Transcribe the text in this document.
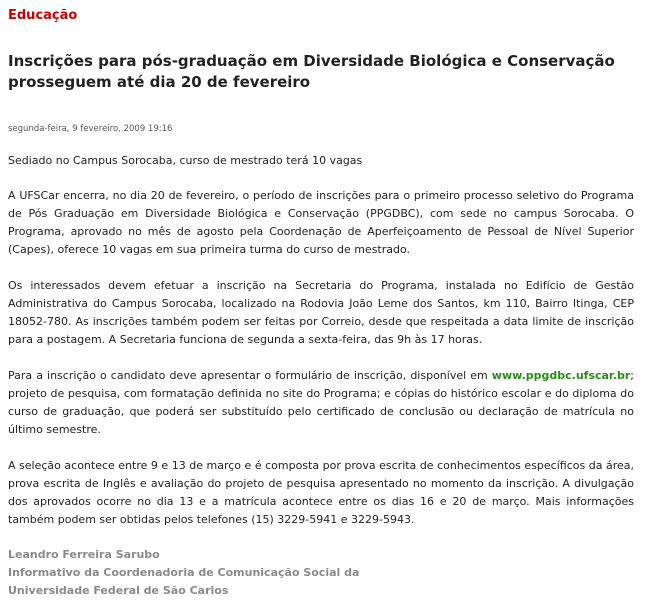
Educação
Inscrições para pós-graduação em Diversidade Biológica e Conservação prosseguem até dia 20 de fevereiro
segunda-feira, 9 fevereiro, 2009 19:16

Sediado no Campus Sorocaba, curso de mestrado terá 10 vagas

A UFSCar encerra, no dia 20 de fevereiro, o período de inscrições para o primeiro processo seletivo do Programa de Pós Graduação em Diversidade Biológica e Conservação (PPGDBC), com sede no campus Sorocaba. O Programa, aprovado no mês de agosto pela Coordenação de Aperfeiçoamento de Pessoal de Nível Superior (Capes), oferece 10 vagas em sua primeira turma do curso de mestrado.

Os interessados devem efetuar a inscrição na Secretaria do Programa, instalada no Edifício de Gestão Administrativa do Campus Sorocaba, localizado na Rodovia João Leme dos Santos, km 110, Bairro Itinga, CEP 18052-780. As inscrições também podem ser feitas por Correio, desde que respeitada a data limite de inscrição para a postagem. A Secretaria funciona de segunda a sexta-feira, das 9h às 17 horas.

Para a inscrição o candidato deve apresentar o formulário de inscrição, disponível em www.ppgdbc.ufscar.br; projeto de pesquisa, com formatação definida no site do Programa; e cópias do histórico escolar e do diploma do curso de graduação, que poderá ser substituído pelo certificado de conclusão ou declaração de matrícula no último semestre.

A seleção acontece entre 9 e 13 de março e é composta por prova escrita de conhecimentos específicos da área, prova escrita de Inglês e avaliação do projeto de pesquisa apresentado no momento da inscrição. A divulgação dos aprovados ocorre no dia 13 e a matrícula acontece entre os dias 16 e 20 de março. Mais informações também podem ser obtidas pelos telefones (15) 3229-5941 e 3229-5943.

Leandro Ferreira Sarubo
Informativo da Coordenadoria de Comunicação Social da
Universidade Federal de São Carlos
